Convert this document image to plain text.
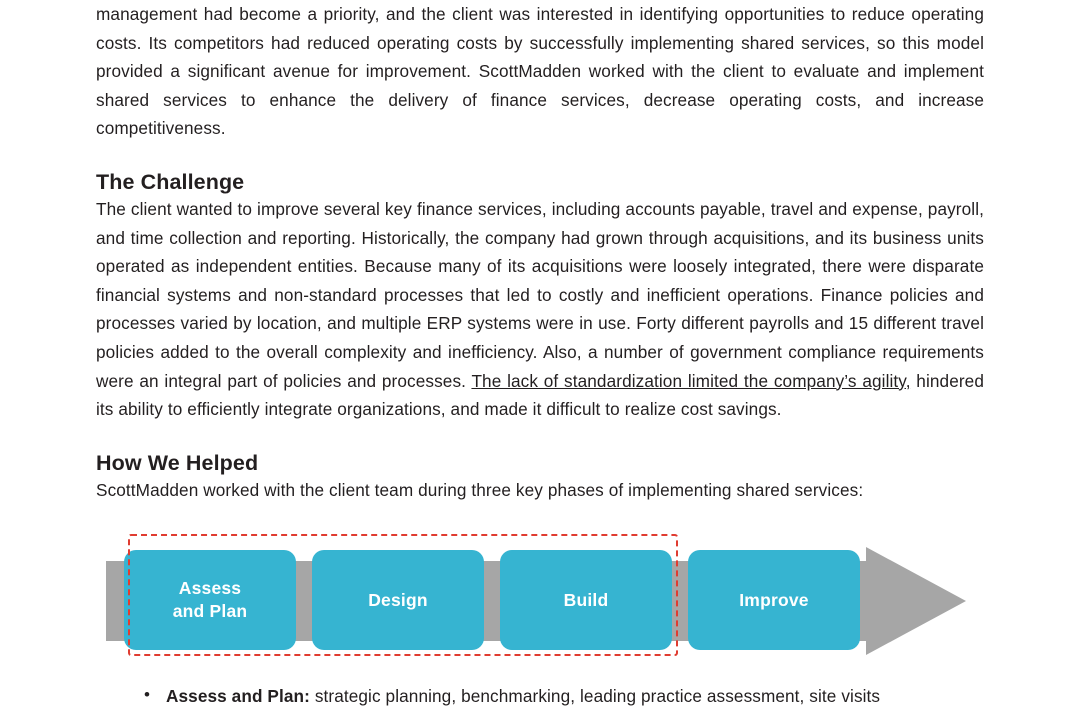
management had become a priority, and the client was interested in identifying opportunities to reduce operating costs. Its competitors had reduced operating costs by successfully implementing shared services, so this model provided a significant avenue for improvement. ScottMadden worked with the client to evaluate and implement shared services to enhance the delivery of finance services, decrease operating costs, and increase competitiveness.

The Challenge

The client wanted to improve several key finance services, including accounts payable, travel and expense, payroll, and time collection and reporting. Historically, the company had grown through acquisitions, and its business units operated as independent entities. Because many of its acquisitions were loosely integrated, there were disparate financial systems and non-standard processes that led to costly and inefficient operations. Finance policies and processes varied by location, and multiple ERP systems were in use. Forty different payrolls and 15 different travel policies added to the overall complexity and inefficiency. Also, a number of government compliance requirements were an integral part of policies and processes. The lack of standardization limited the company’s agility, hindered its ability to efficiently integrate organizations, and made it difficult to realize cost savings.

How We Helped

ScottMadden worked with the client team during three key phases of implementing shared services:

Assess
and Plan
Design	Build	Improve
• Assess and Plan: strategic planning, benchmarking, leading practice assessment, site visits
